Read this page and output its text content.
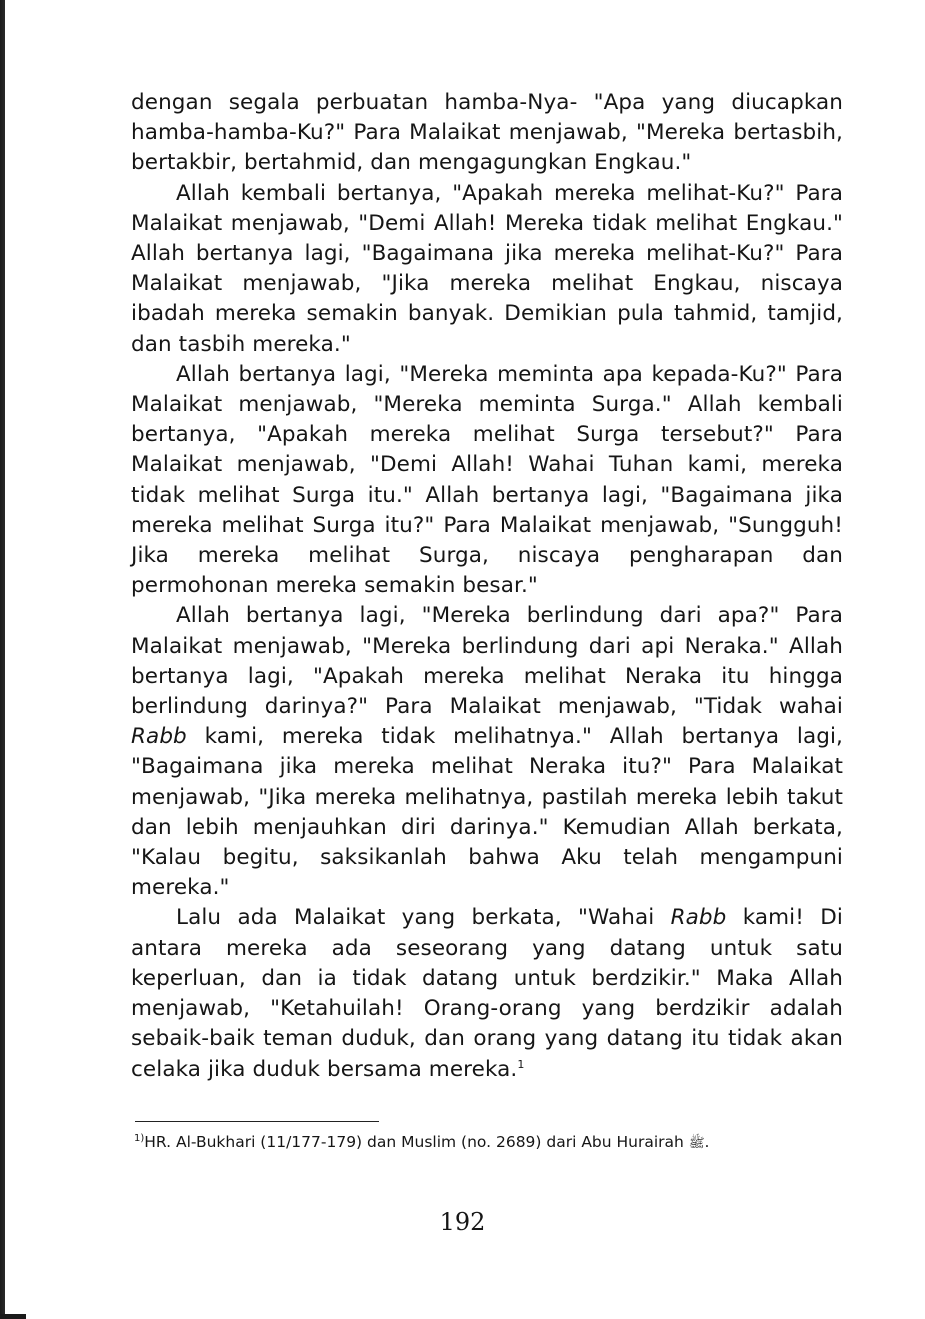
dengan segala perbuatan hamba-Nya- "Apa yang diucapkan hamba-hamba-Ku?" Para Malaikat menjawab, "Mereka bertasbih, bertakbir, bertahmid, dan mengagungkan Engkau."

Allah kembali bertanya, "Apakah mereka melihat-Ku?" Para Malaikat menjawab, "Demi Allah! Mereka tidak melihat Engkau." Allah bertanya lagi, "Bagaimana jika mereka melihat-Ku?" Para Malaikat menjawab, "Jika mereka melihat Engkau, niscaya ibadah mereka semakin banyak. Demikian pula tahmid, tamjid, dan tasbih mereka."

Allah bertanya lagi, "Mereka meminta apa kepada-Ku?" Para Malaikat menjawab, "Mereka meminta Surga." Allah kembali bertanya, "Apakah mereka melihat Surga tersebut?" Para Malaikat menjawab, "Demi Allah! Wahai Tuhan kami, mereka tidak melihat Surga itu." Allah bertanya lagi, "Bagaimana jika mereka melihat Surga itu?" Para Malaikat menjawab, "Sungguh! Jika mereka melihat Surga, niscaya pengharapan dan permohonan mereka semakin besar."

Allah bertanya lagi, "Mereka berlindung dari apa?" Para Malaikat menjawab, "Mereka berlindung dari api Neraka." Allah bertanya lagi, "Apakah mereka melihat Neraka itu hingga berlindung darinya?" Para Malaikat menjawab, "Tidak wahai Rabb kami, mereka tidak melihatnya." Allah bertanya lagi, "Bagaimana jika mereka melihat Neraka itu?" Para Malaikat menjawab, "Jika mereka melihatnya, pastilah mereka lebih takut dan lebih menjauhkan diri darinya." Kemudian Allah berkata, "Kalau begitu, saksikanlah bahwa Aku telah mengampuni mereka."

Lalu ada Malaikat yang berkata, "Wahai Rabb kami! Di antara mereka ada seseorang yang datang untuk satu keperluan, dan ia tidak datang untuk berdzikir." Maka Allah menjawab, "Ketahuilah! Orang-orang yang berdzikir adalah sebaik-baik teman duduk, dan orang yang datang itu tidak akan celaka jika duduk bersama mereka.$^1$

$^{1)}$HR. Al-Bukhari (11/177-179) dan Muslim (no. 2689) dari Abu Hurairah ﷺ.
192
